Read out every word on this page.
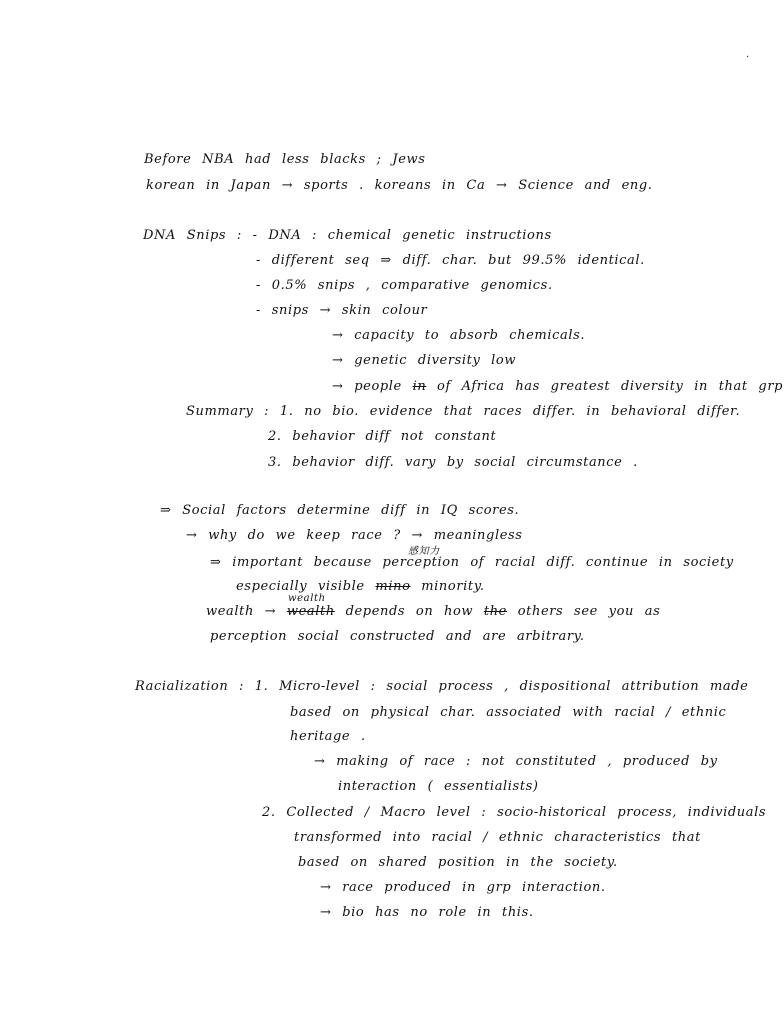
·
Before NBA had less blacks ; Jews
korean in Japan → sports . koreans in Ca → Science and eng.
DNA Snips : - DNA : chemical genetic instructions
- different seq ⇒ diff. char. but 99.5% identical.
- 0.5% snips , comparative genomics.
- snips → skin colour
→ capacity to absorb chemicals.
→ genetic diversity low
→ people in of Africa has greatest diversity in that grp
Summary : 1. no bio. evidence that races differ. in behavioral differ.
2. behavior diff not constant
3. behavior diff. vary by social circumstance .
⇒ Social factors determine diff in IQ scores.
→ why do we keep race ? → meaningless
感知力
⇒ important because perception of racial diff. continue in society
especially visible mino minority.
wealth
wealth → wealth depends on how the others see you as
perception social constructed and are arbitrary.
Racialization : 1. Micro-level : social process , dispositional attribution made
based on physical char. associated with racial / ethnic
heritage .
→ making of race : not constituted , produced by
interaction ( essentialists)
2. Collected / Macro level : socio-historical process, individuals
transformed into racial / ethnic characteristics that
based on shared position in the society.
→ race produced in grp interaction.
→ bio has no role in this.
